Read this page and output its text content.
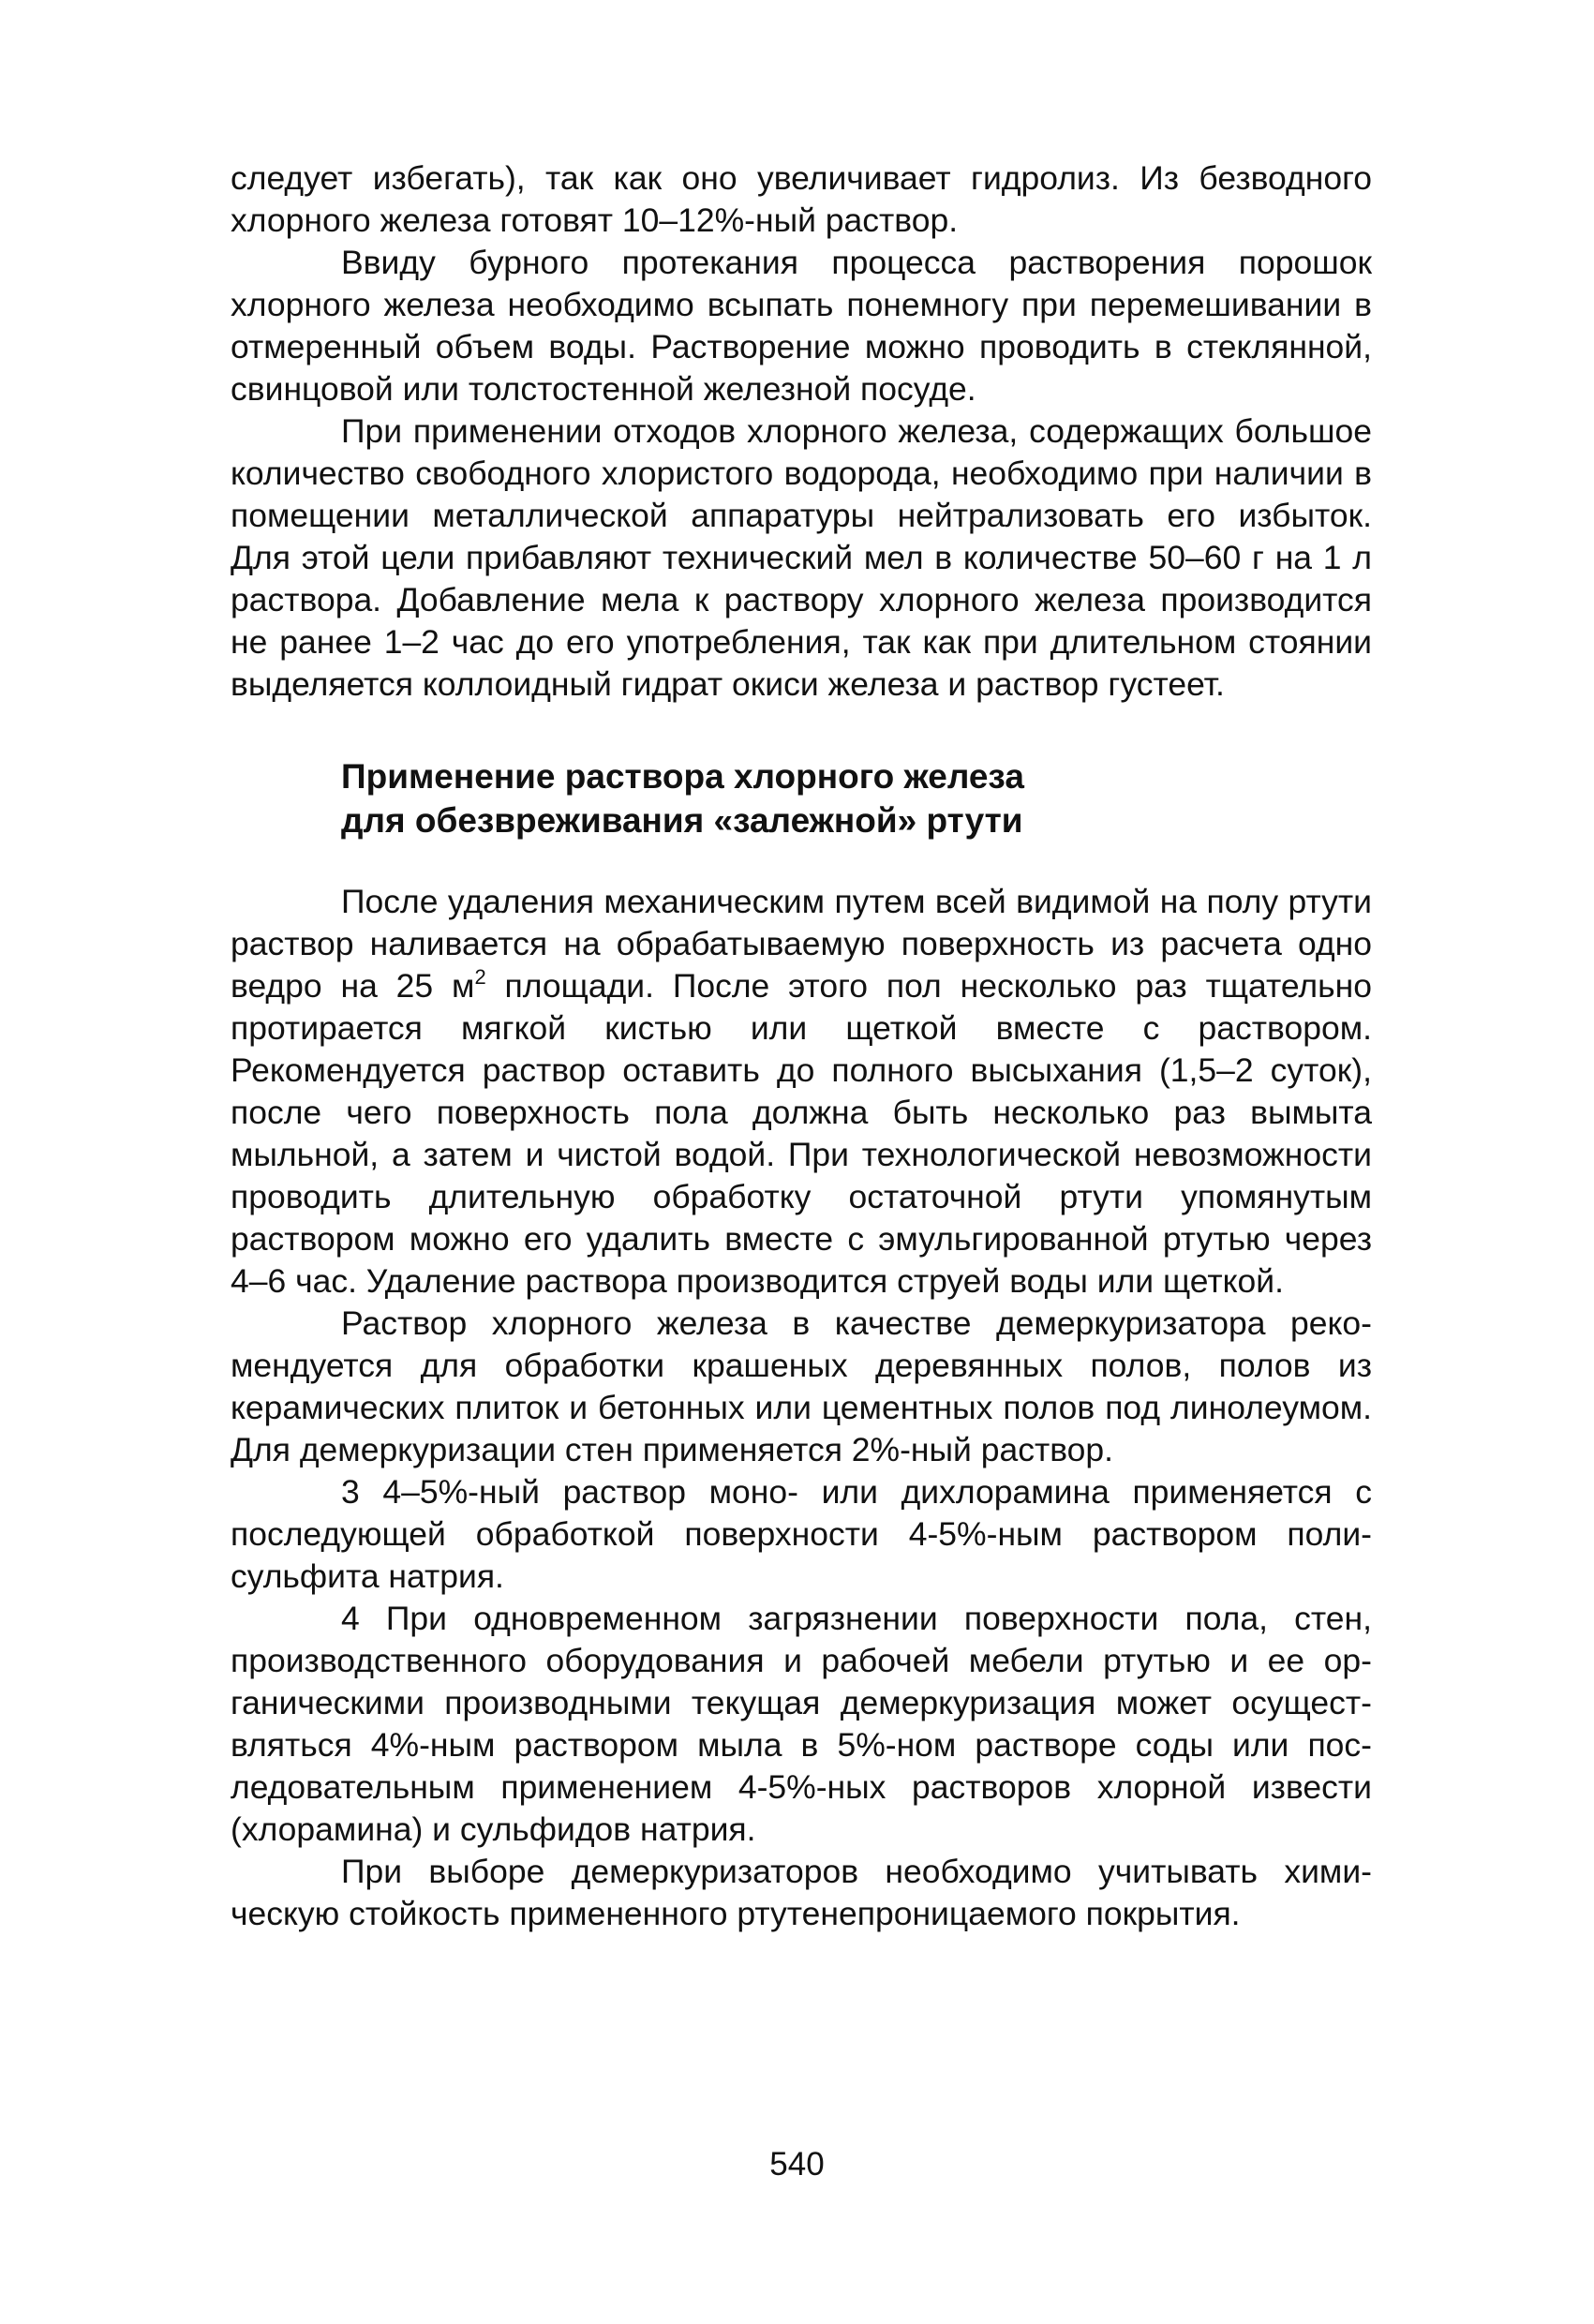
следует избегать), так как оно увеличивает гидролиз. Из безводного хлорного железа готовят 10–12%-ный раствор.

Ввиду бурного протекания процесса растворения порошок хлорного железа необходимо всыпать понемногу при перемешивании в отмеренный объем воды. Растворение можно проводить в стеклянной, свинцовой или толстостенной железной посуде.

При применении отходов хлорного железа, содержащих большое количество свободного хлористого водорода, необходимо при наличии в помещении металлической аппаратуры нейтрализовать его избыток. Для этой цели прибавляют технический мел в количестве 50–60 г на 1 л раствора. Добавление мела к раствору хлорного железа производится не ранее 1–2 час до его употребления, так как при длительном стоянии выделяется коллоидный гидрат окиси железа и раствор густеет.

Применение раствора хлорного железа
для обезвреживания «залежной» ртути

После удаления механическим путем всей видимой на полу ртути раствор наливается на обрабатываемую поверхность из расчета одно ведро на 25 $м^2$ площади. После этого пол несколько раз тщательно протирается мягкой кистью или щеткой вместе с раствором. Рекомендуется раствор оставить до полного высыхания (1,5–2 суток), после чего поверхность пола должна быть несколько раз вымыта мыльной, а затем и чистой водой. При технологической невозможности проводить длительную обработку остаточной ртути упомянутым раствором можно его удалить вместе с эмульгированной ртутью через 4–6 час. Удаление раствора производится струей воды или щеткой.

Раствор хлорного железа в качестве демеркуризатора рекомендуется для обработки крашеных деревянных полов, полов из керамических плиток и бетонных или цементных полов под линолеумом. Для демеркуризации стен применяется 2%-ный раствор.

3 4–5%-ный раствор моно- или дихлорамина применяется с последующей обработкой поверхности 4-5%-ным раствором полисульфита натрия.

4 При одновременном загрязнении поверхности пола, стен, производственного оборудования и рабочей мебели ртутью и ее органическими производными текущая демеркуризация может осуществляться 4%-ным раствором мыла в 5%-ном растворе соды или последовательным применением 4-5%-ных растворов хлорной извести (хлорамина) и сульфидов натрия.

При выборе демеркуризаторов необходимо учитывать химическую стойкость примененного ртутенепроницаемого покрытия.

540
